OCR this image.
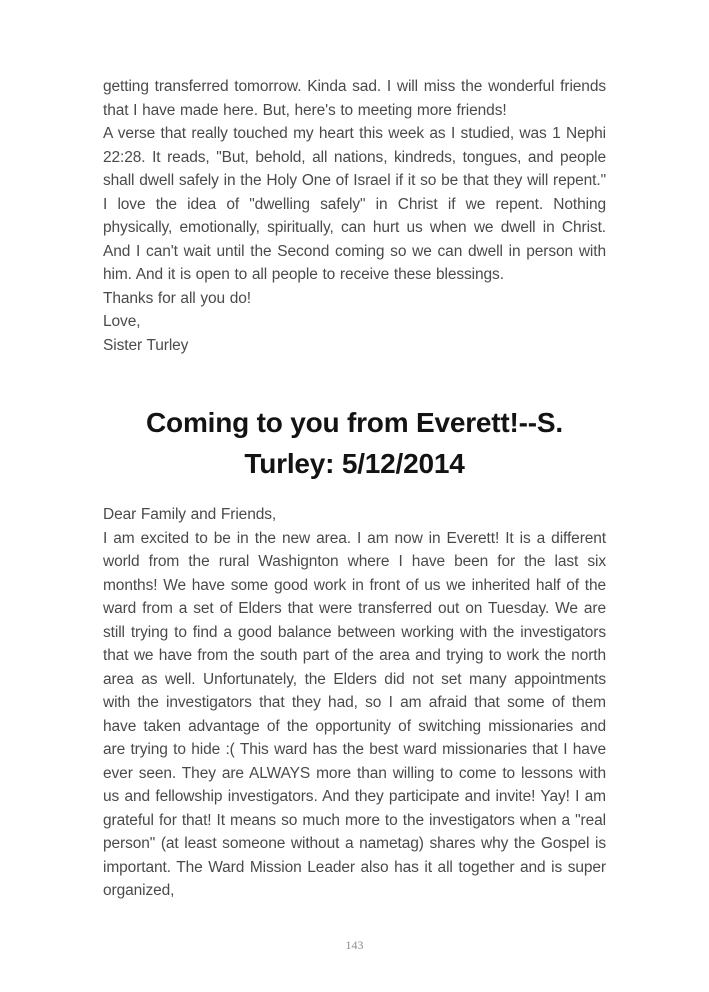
getting transferred tomorrow. Kinda sad. I will miss the wonderful friends that I have made here. But, here's to meeting more friends!

A verse that really touched my heart this week as I studied, was 1 Nephi 22:28. It reads, "But, behold, all nations, kindreds, tongues, and people shall dwell safely in the Holy One of Israel if it so be that they will repent." I love the idea of "dwelling safely" in Christ if we repent. Nothing physically, emotionally, spiritually, can hurt us when we dwell in Christ. And I can't wait until the Second coming so we can dwell in person with him. And it is open to all people to receive these blessings.

Thanks for all you do!

Love,

Sister Turley

Coming to you from Everett!--S. Turley: 5/12/2014

Dear Family and Friends,

I am excited to be in the new area. I am now in Everett! It is a different world from the rural Washignton where I have been for the last six months! We have some good work in front of us we inherited half of the ward from a set of Elders that were transferred out on Tuesday. We are still trying to find a good balance between working with the investigators that we have from the south part of the area and trying to work the north area as well. Unfortunately, the Elders did not set many appointments with the investigators that they had, so I am afraid that some of them have taken advantage of the opportunity of switching missionaries and are trying to hide :( This ward has the best ward missionaries that I have ever seen. They are ALWAYS more than willing to come to lessons with us and fellowship investigators. And they participate and invite! Yay! I am grateful for that! It means so much more to the investigators when a "real person" (at least someone without a nametag) shares why the Gospel is important. The Ward Mission Leader also has it all together and is super organized,

143
